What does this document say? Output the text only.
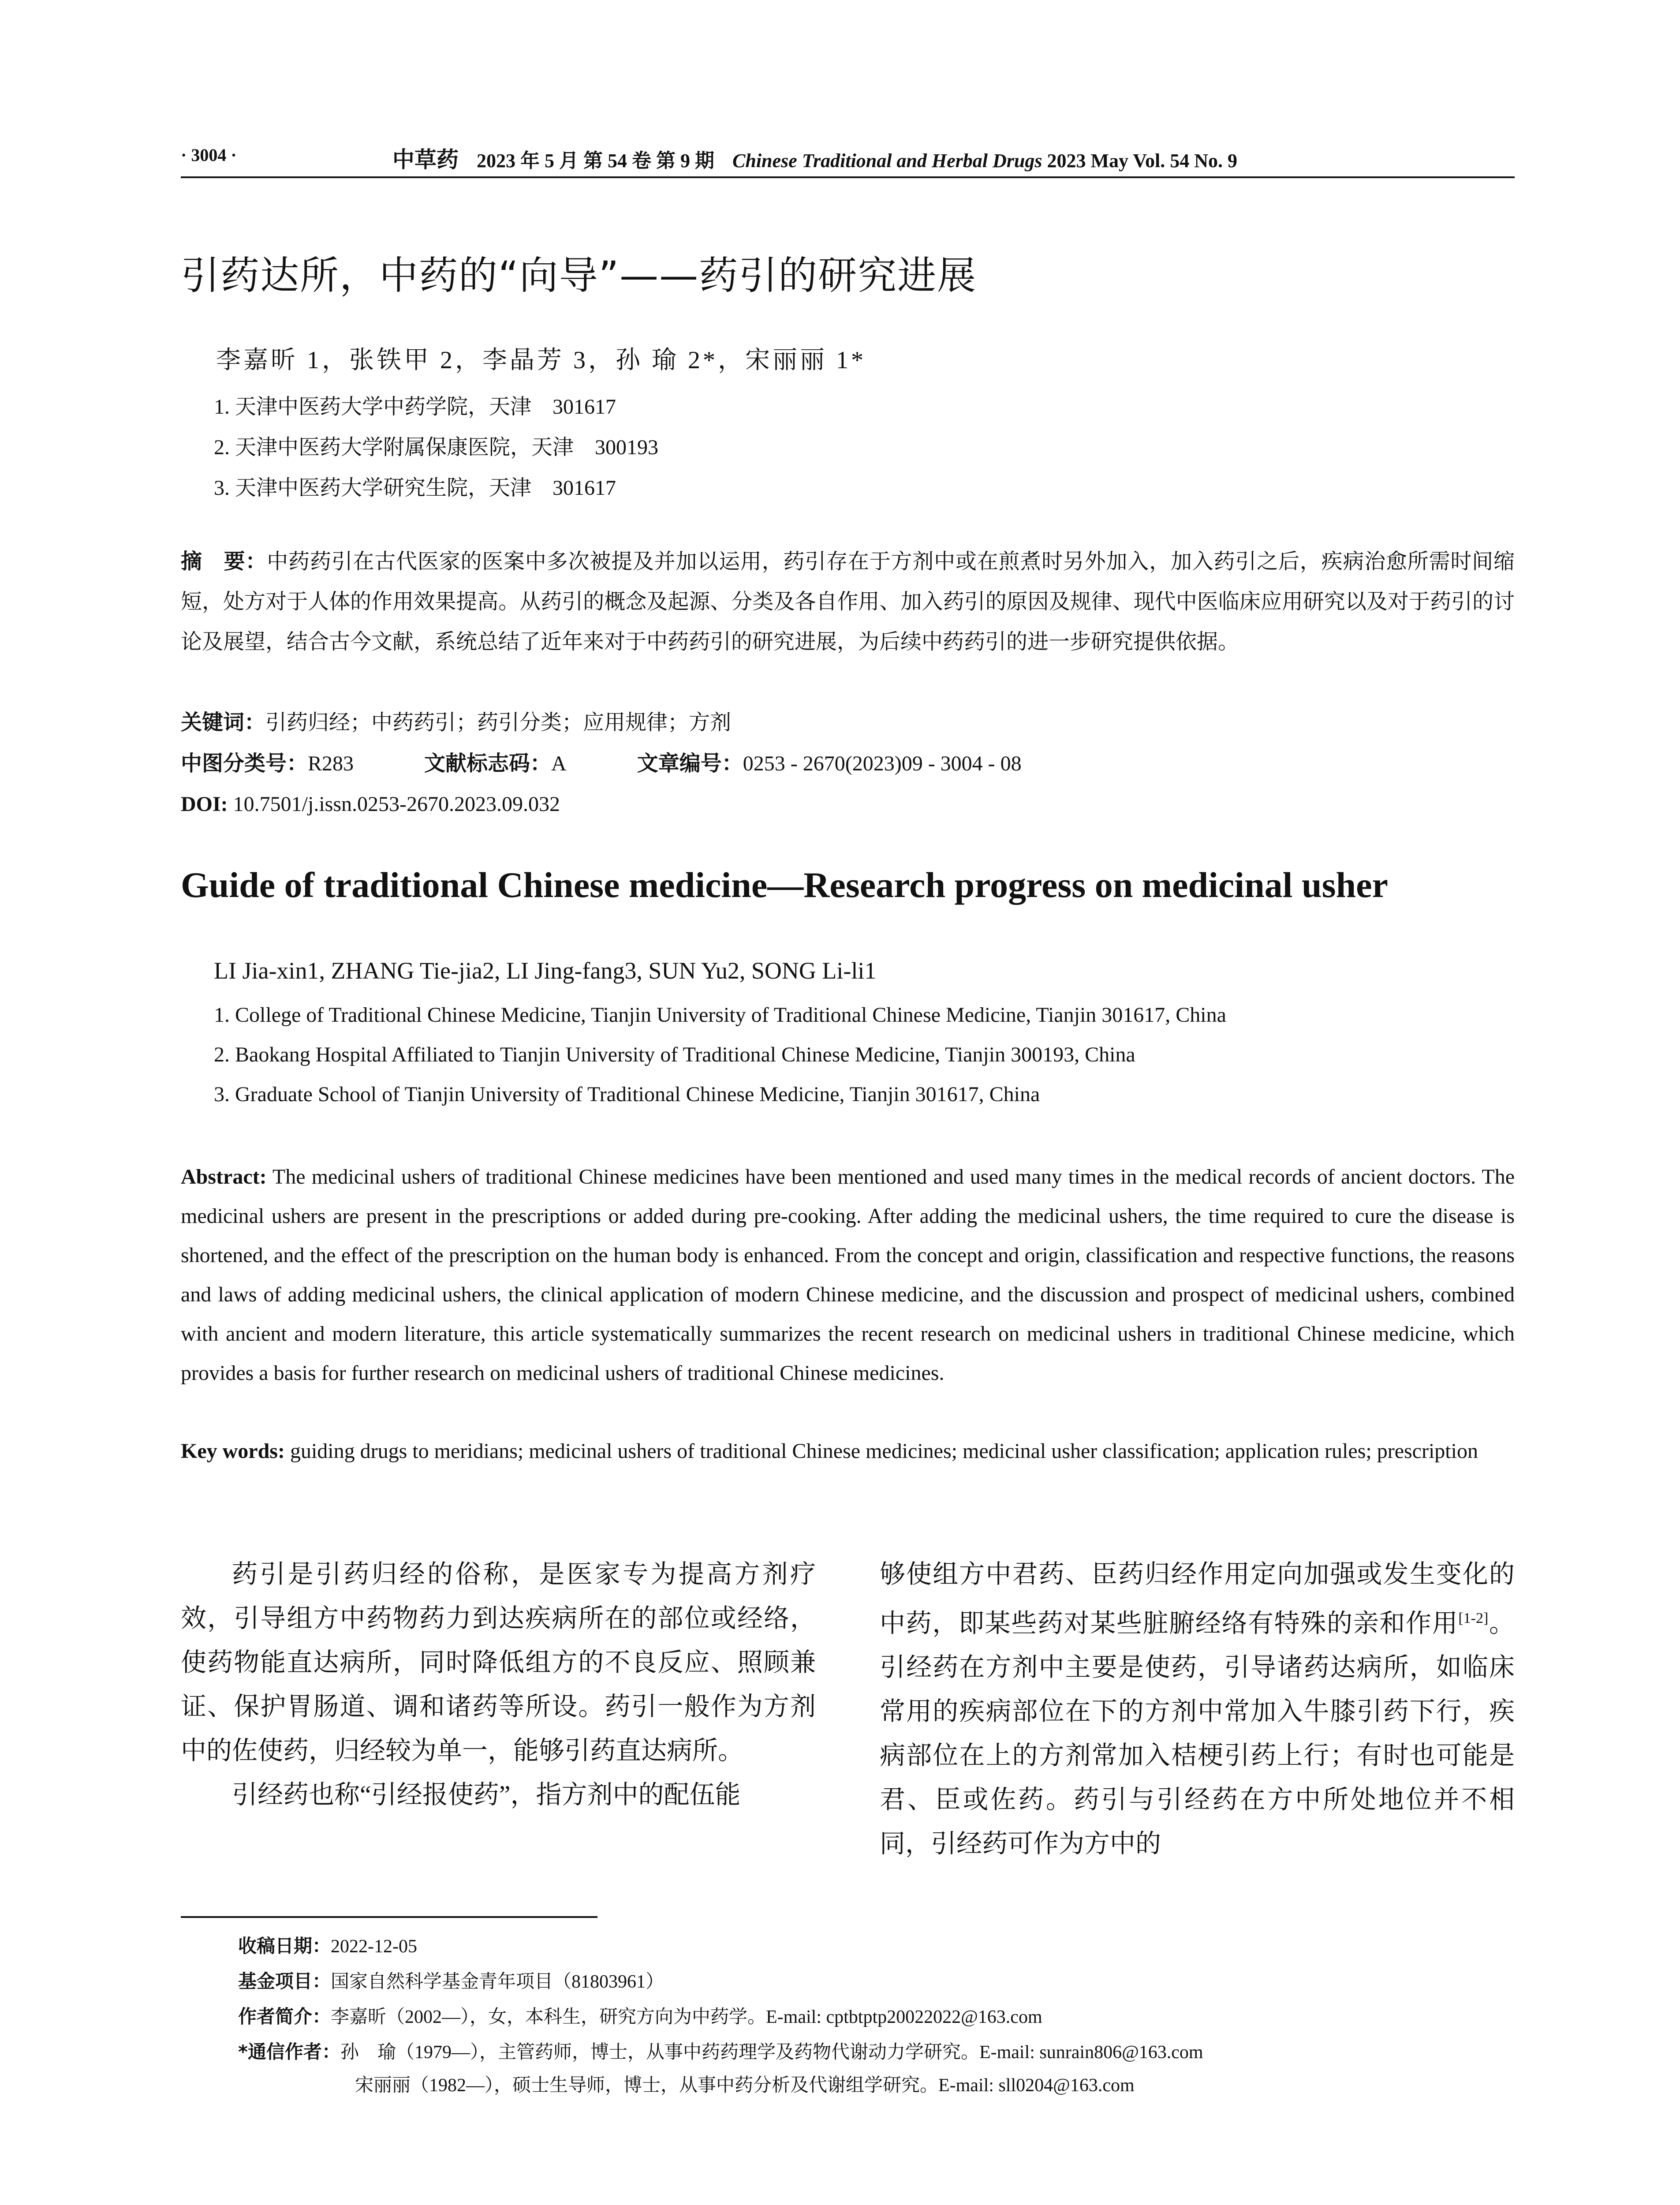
· 3004 ·	中草药 2023 年 5 月 第 54 卷 第 9 期 Chinese Traditional and Herbal Drugs 2023 May Vol. 54 No. 9
引药达所，中药的“向导”——药引的研究进展
李嘉昕 1，张铁甲 2，李晶芳 3，孙 瑜 2*，宋丽丽 1*
1. 天津中医药大学中药学院，天津　301617
2. 天津中医药大学附属保康医院，天津　300193
3. 天津中医药大学研究生院，天津　301617
摘　要：中药药引在古代医家的医案中多次被提及并加以运用，药引存在于方剂中或在煎煮时另外加入，加入药引之后，疾病治愈所需时间缩短，处方对于人体的作用效果提高。从药引的概念及起源、分类及各自作用、加入药引的原因及规律、现代中医临床应用研究以及对于药引的讨论及展望，结合古今文献，系统总结了近年来对于中药药引的研究进展，为后续中药药引的进一步研究提供依据。
关键词：引药归经；中药药引；药引分类；应用规律；方剂
中图分类号：R283	文献标志码：A	文章编号：0253 - 2670(2023)09 - 3004 - 08
DOI: 10.7501/j.issn.0253-2670.2023.09.032
Guide of traditional Chinese medicine—Research progress on medicinal usher
LI Jia-xin1, ZHANG Tie-jia2, LI Jing-fang3, SUN Yu2, SONG Li-li1
1. College of Traditional Chinese Medicine, Tianjin University of Traditional Chinese Medicine, Tianjin 301617, China
2. Baokang Hospital Affiliated to Tianjin University of Traditional Chinese Medicine, Tianjin 300193, China
3. Graduate School of Tianjin University of Traditional Chinese Medicine, Tianjin 301617, China
Abstract: The medicinal ushers of traditional Chinese medicines have been mentioned and used many times in the medical records of ancient doctors. The medicinal ushers are present in the prescriptions or added during pre-cooking. After adding the medicinal ushers, the time required to cure the disease is shortened, and the effect of the prescription on the human body is enhanced. From the concept and origin, classification and respective functions, the reasons and laws of adding medicinal ushers, the clinical application of modern Chinese medicine, and the discussion and prospect of medicinal ushers, combined with ancient and modern literature, this article systematically summarizes the recent research on medicinal ushers in traditional Chinese medicine, which provides a basis for further research on medicinal ushers of traditional Chinese medicines.
Key words: guiding drugs to meridians; medicinal ushers of traditional Chinese medicines; medicinal usher classification; application rules; prescription

药引是引药归经的俗称，是医家专为提高方剂疗效，引导组方中药物药力到达疾病所在的部位或经络，使药物能直达病所，同时降低组方的不良反应、照顾兼证、保护胃肠道、调和诸药等所设。药引一般作为方剂中的佐使药，归经较为单一，能够引药直达病所。

引经药也称“引经报使药”，指方剂中的配伍能

够使组方中君药、臣药归经作用定向加强或发生变化的中药，即某些药对某些脏腑经络有特殊的亲和作用[1-2]。引经药在方剂中主要是使药，引导诸药达病所，如临床常用的疾病部位在下的方剂中常加入牛膝引药下行，疾病部位在上的方剂常加入桔梗引药上行；有时也可能是君、臣或佐药。药引与引经药在方中所处地位并不相同，引经药可作为方中的

收稿日期：2022-12-05
基金项目：国家自然科学基金青年项目（81803961）
作者简介：李嘉昕（2002—），女，本科生，研究方向为中药学。E-mail: cptbtptp20022022@163.com
*通信作者：孙　瑜（1979—），主管药师，博士，从事中药药理学及药物代谢动力学研究。E-mail: sunrain806@163.com
宋丽丽（1982—），硕士生导师，博士，从事中药分析及代谢组学研究。E-mail: sll0204@163.com
